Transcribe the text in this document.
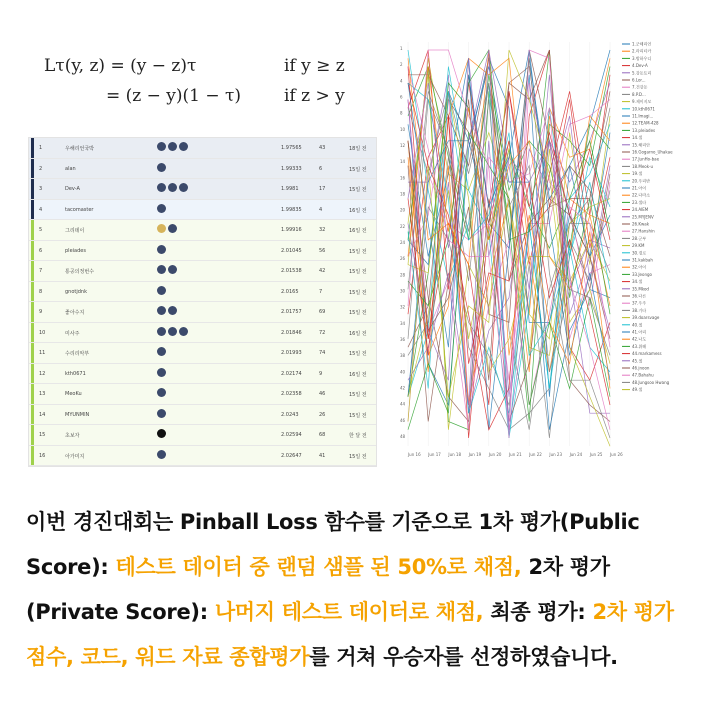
Lτ(y, z) = (y − z)τ	if y ≥ z
= (z − y)(1 − τ)	if z > y
1	우해리언국박	1.97565	43	18일 전
2	alan	1.99333	6	15일 전
3	Dev-A	1.9981	17	15일 전
4	tacomaster	1.99835	4	16일 전
5	그리데이	1.99916	32	16일 전
6	pleiades	2.01045	56	15일 전
7	통공의정번수	2.01538	42	15일 전
8	gnotjdnk	2.0165	7	15일 전
9	좋아수지	2.01757	69	15일 전
10	미사주	2.01846	72	16일 전
11	수리리악부	2.01993	74	15일 전
12	kth0671	2.02174	9	16일 전
13	MeoKu	2.02358	46	15일 전
14	MYUNMIN	2.0243	26	15일 전
15	초보자	2.02594	68	한 달 전
16	아가미지	2.02647	41	15일 전	Jun 16 Jun 17 Jun 18 Jun 19 Jun 20 Jun 21 Jun 22 Jun 23 Jun 24 Jun 25 Jun 26
1
2
4
6
8
10
12
14
16
18
20
22
24
26
28
30
32
34
36
38
40
42
44
46
48
1.군해리언
2.라리티카
3.밤하우디
4.Dev-A
5.강동트리
6.Lor...
7.건강동
8.P.D...
9.제이지모
10.kth0671
11.Imagi...
12.TEAM-428
13.pleiades
14.셀
15.해리안
16.Gogarno_Uhakae
17.JunHo-bae
18.Meok-u
19.셀
20.우리반
21.아이
22.다라소
23.셀타
24.AIEM
25.MYJENV
26.Kwak
27.Hanshin
28.군부
29.KM
30.경로
31.kakbah
32.아이
33.Jeongo
34.셀
35.Mkod
36.다른
37.우주
38.기타
39.doarsvage
40.셀
41.아리
42.나도
43.위해
44.markamess
45.셀
46.jnoon
47.Bahahu
48.Jungsoo Hwang
49.셀
이번 경진대회는 Pinball Loss 함수를 기준으로 1차 평가(Public Score): 테스트 데이터 중 랜덤 샘플 된 50%로 채점, 2차 평가(Private Score): 나머지 테스트 데이터로 채점, 최종 평가: 2차 평가 점수, 코드, 워드 자료 종합평가를 거쳐 우승자를 선정하였습니다.
